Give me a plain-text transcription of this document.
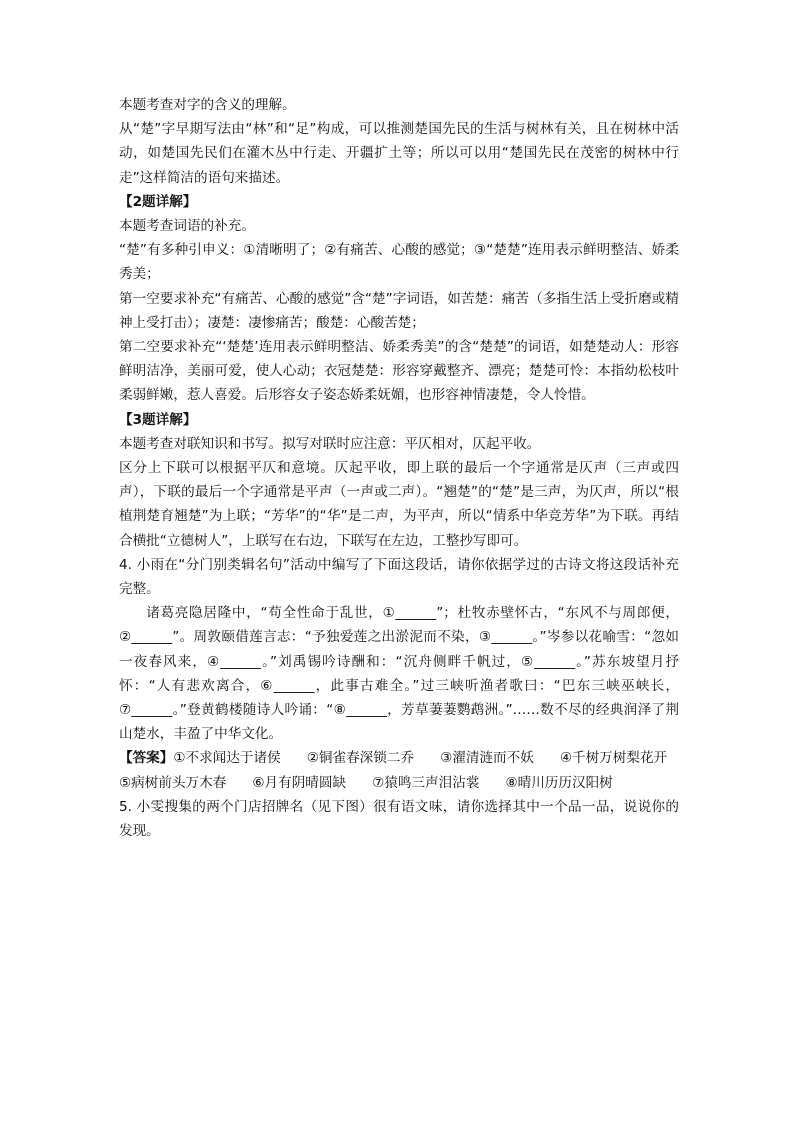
本题考查对字的含义的理解。

从“楚”字早期写法由“林”和“足”构成，可以推测楚国先民的生活与树林有关，且在树林中活动，如楚国先民们在灌木丛中行走、开疆扩土等；所以可以用“楚国先民在茂密的树林中行走”这样简洁的语句来描述。

【2题详解】

本题考查词语的补充。

“楚”有多种引申义：①清晰明了；②有痛苦、心酸的感觉；③“楚楚”连用表示鲜明整洁、娇柔秀美；

第一空要求补充“有痛苦、心酸的感觉”含“楚”字词语，如苦楚：痛苦（多指生活上受折磨或精神上受打击）；凄楚：凄惨痛苦；酸楚：心酸苦楚；

第二空要求补充“‘楚楚’连用表示鲜明整洁、娇柔秀美”的含“楚楚”的词语，如楚楚动人：形容鲜明洁净，美丽可爱，使人心动；衣冠楚楚：形容穿戴整齐、漂亮；楚楚可怜：本指幼松枝叶柔弱鲜嫩，惹人喜爱。后形容女子姿态娇柔妩媚，也形容神情凄楚，令人怜惜。

【3题详解】

本题考查对联知识和书写。拟写对联时应注意：平仄相对，仄起平收。

区分上下联可以根据平仄和意境。仄起平收，即上联的最后一个字通常是仄声（三声或四声），下联的最后一个字通常是平声（一声或二声）。“翘楚”的“楚”是三声，为仄声，所以“根植荆楚育翘楚”为上联；“芳华”的“华”是二声，为平声，所以“情系中华竞芳华”为下联。再结合横批“立德树人”，上联写在右边，下联写在左边，工整抄写即可。

4. 小雨在“分门别类辑名句”活动中编写了下面这段话，请你依据学过的古诗文将这段话补充完整。

诸葛亮隐居隆中，“苟全性命于乱世，①______”；杜牧赤壁怀古，“东风不与周郎便，②______”。周敦颐借莲言志：“予独爱莲之出淤泥而不染，③______。”岑参以花喻雪：“忽如一夜春风来，④______。”刘禹锡吟诗酬和：“沉舟侧畔千帆过，⑤______。”苏东坡望月抒怀：“人有悲欢离合，⑥______，此事古难全。”过三峡听渔者歌曰：“巴东三峡巫峡长，⑦______。”登黄鹤楼随诗人吟诵：“⑧______，芳草萋萋鹦鹉洲。”……数不尽的经典润泽了荆山楚水，丰盈了中华文化。

【答案】①不求闻达于诸侯 ②铜雀春深锁二乔 ③濯清涟而不妖 ④千树万树梨花开
⑤病树前头万木春 ⑥月有阴晴圆缺 ⑦猿鸣三声泪沾裳 ⑧晴川历历汉阳树

5. 小雯搜集的两个门店招牌名（见下图）很有语文味，请你选择其中一个品一品，说说你的发现。
